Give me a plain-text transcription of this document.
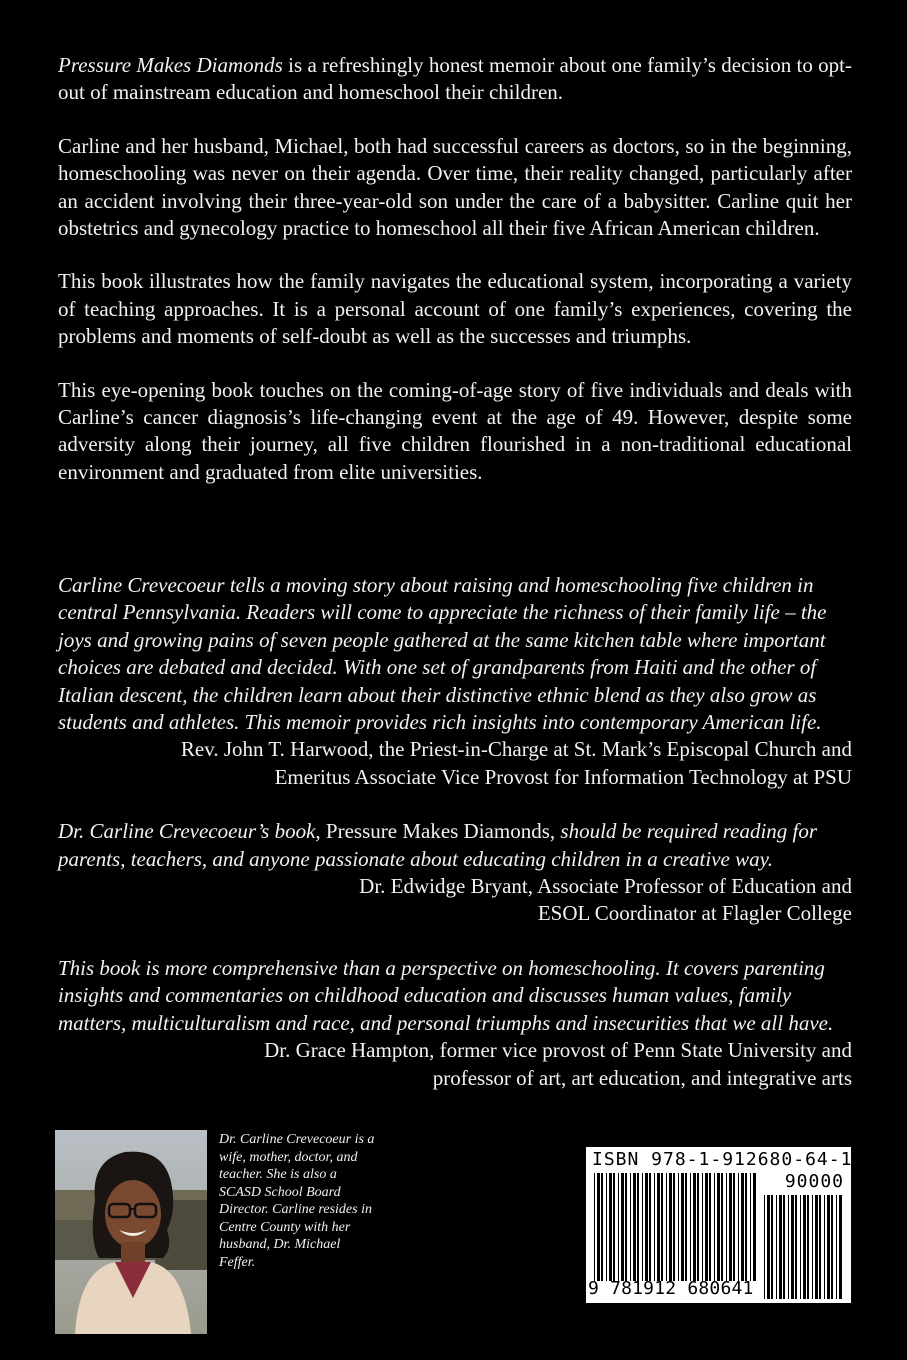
Pressure Makes Diamonds is a refreshingly honest memoir about one family’s decision to opt-out of mainstream education and homeschool their children.

Carline and her husband, Michael, both had successful careers as doctors, so in the beginning, homeschooling was never on their agenda. Over time, their reality changed, particularly after an accident involving their three-year-old son under the care of a babysitter. Carline quit her obstetrics and gynecology practice to homeschool all their five African American children.

This book illustrates how the family navigates the educational system, incorporating a variety of teaching approaches. It is a personal account of one family’s experiences, covering the problems and moments of self-doubt as well as the successes and triumphs.

This eye-opening book touches on the coming-of-age story of five individuals and deals with Carline’s cancer diagnosis’s life-changing event at the age of 49. However, despite some adversity along their journey, all five children flourished in a non-traditional educational environment and graduated from elite universities.

Carline Crevecoeur tells a moving story about raising and homeschooling five children in central Pennsylvania. Readers will come to appreciate the richness of their family life – the joys and growing pains of seven people gathered at the same kitchen table where important choices are debated and decided. With one set of grandparents from Haiti and the other of Italian descent, the children learn about their distinctive ethnic blend as they also grow as students and athletes. This memoir provides rich insights into contemporary American life.

Rev. John T. Harwood, the Priest-in-Charge at St. Mark’s Episcopal Church and

Emeritus Associate Vice Provost for Information Technology at PSU

Dr. Carline Crevecoeur’s book, Pressure Makes Diamonds, should be required reading for parents, teachers, and anyone passionate about educating children in a creative way.

Dr. Edwidge Bryant, Associate Professor of Education and

ESOL Coordinator at Flagler College

This book is more comprehensive than a perspective on homeschooling. It covers parenting insights and commentaries on childhood education and discusses human values, family matters, multiculturalism and race, and personal triumphs and insecurities that we all have.

Dr. Grace Hampton, former vice provost of Penn State University and

professor of art, art education, and integrative arts

Dr. Carline Crevecoeur is a wife, mother, doctor, and teacher. She is also a SCASD School Board Director. Carline resides in Centre County with her husband, Dr. Michael Feffer.
ISBN 978-1-912680-64-1
90000
9 781912 680641
